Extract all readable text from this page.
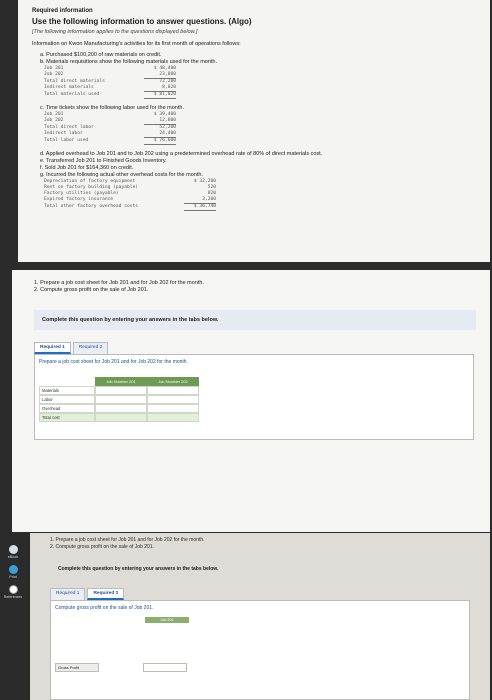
Required information
Use the following information to answer questions. (Algo)
[The following information applies to the questions displayed below.]
Information on Kwon Manufacturing's activities for its first month of operations follows:
a. Purchased $100,200 of raw materials on credit.
b. Materials requisitions show the following materials used for the month.
Job 201	$ 48,400
Job 202	23,800
Total direct materials	72,200
Indirect materials	8,820
Total materials used	$ 81,020
c. Time tickets show the following labor used for the month.
Job 201	$ 39,400
Job 202	12,800
Total direct labor	52,200
Indirect labor	24,400
Total labor used	$ 76,600
d. Applied overhead to Job 201 and to Job 202 using a predetermined overhead rate of 80% of direct materials cost.
e. Transferred Job 201 to Finished Goods Inventory.
f. Sold Job 201 for $164,360 on credit.
g. Incurred the following actual other overhead costs for the month.
Depreciation of factory equipment	$ 32,200
Rent on factory building (payable)	520
Factory utilities (payable)	820
Expired factory insurance	3,200
Total other factory overhead costs	$ 36,740
1. Prepare a job cost sheet for Job 201 and for Job 202 for the month.
2. Compute gross profit on the sale of Job 201.
Complete this question by entering your answers in the tabs below.
Required 1	Required 2
Prepare a job cost sheet for Job 201 and for Job 202 for the month.
Job Number 201	Job Number 202
Materials
Labor
Overhead
Total cost
eBook
Print
References
1. Prepare a job cost sheet for Job 201 and for Job 202 for the month.
2. Compute gross profit on the sale of Job 201.
Complete this question by entering your answers in the tabs below.
Required 1	Required 2
Compute gross profit on the sale of Job 201.
Job 201
Gross Profit
